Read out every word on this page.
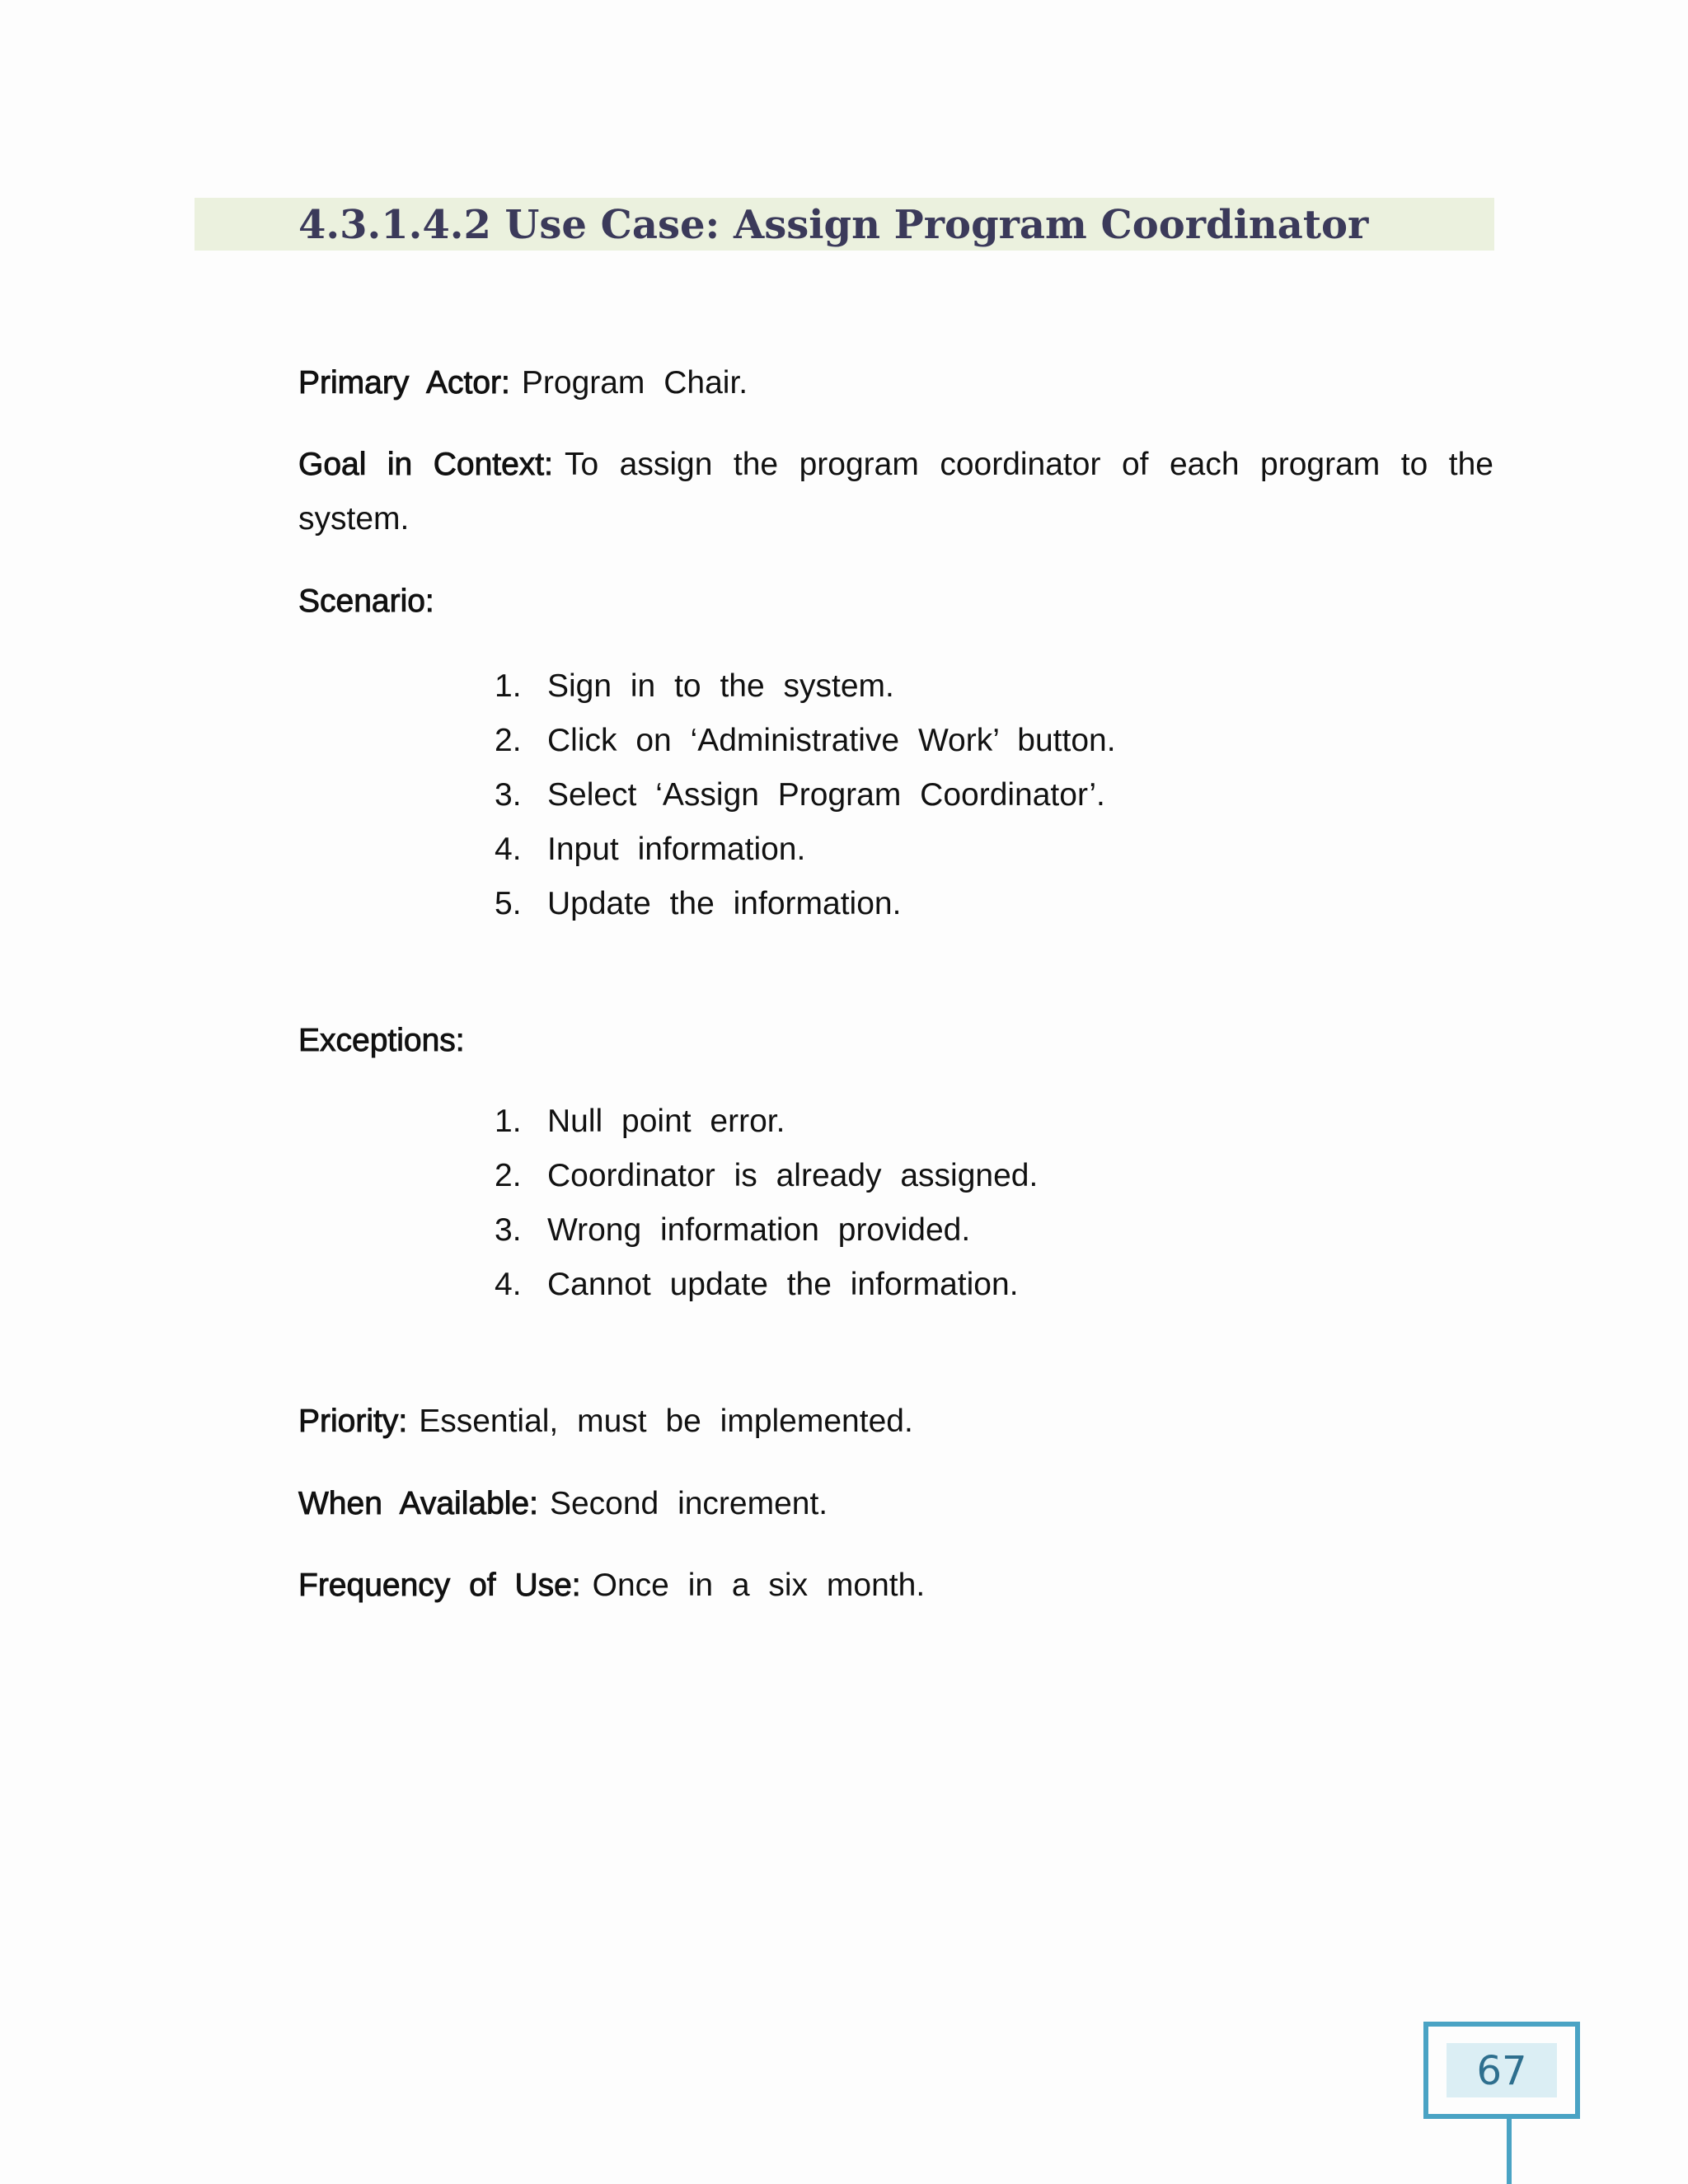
4.3.1.4.2 Use Case: Assign Program Coordinator
Primary Actor: Program Chair.
Goal in Context: To assign the program coordinator of each program to the system.
Scenario:
1. Sign in to the system.
2. Click on ‘Administrative Work’ button.
3. Select ‘Assign Program Coordinator’.
4. Input information.
5. Update the information.
Exceptions:
1. Null point error.
2. Coordinator is already assigned.
3. Wrong information provided.
4. Cannot update the information.
Priority: Essential, must be implemented.
When Available: Second increment.
Frequency of Use: Once in a six month.
67
